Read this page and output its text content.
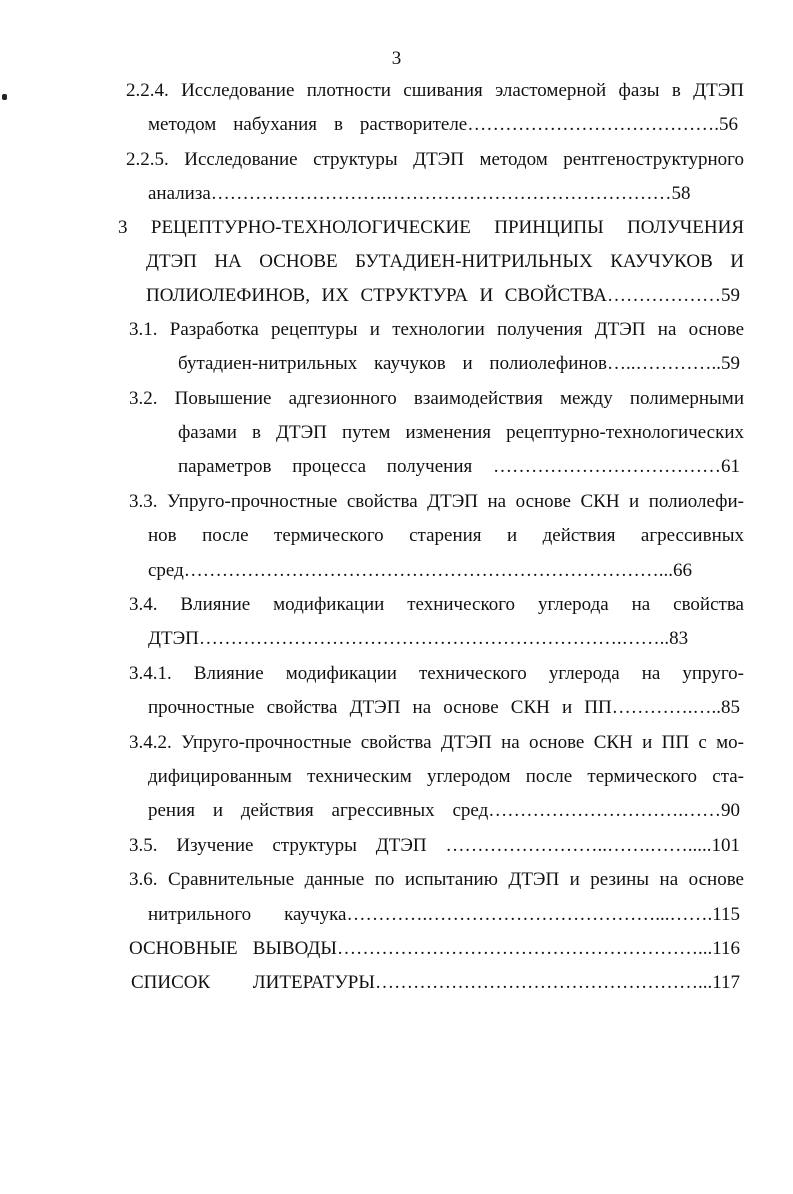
3
2.2.4. Исследование плотности сшивания эластомерной фазы в ДТЭП
методом набухания в растворителе………………………………….56
2.2.5. Исследование структуры ДТЭП методом рентгеноструктурного
анализа……………………….………………………………………58
3 РЕЦЕПТУРНО-ТЕХНОЛОГИЧЕСКИЕ ПРИНЦИПЫ ПОЛУЧЕНИЯ
ДТЭП НА ОСНОВЕ БУТАДИЕН-НИТРИЛЬНЫХ КАУЧУКОВ И
ПОЛИОЛЕФИНОВ, ИХ СТРУКТУРА И СВОЙСТВА………………59
3.1. Разработка рецептуры и технологии получения ДТЭП на основе
бутадиен-нитрильных каучуков и полиолефинов…..…………..59
3.2. Повышение адгезионного взаимодействия между полимерными
фазами в ДТЭП путем изменения рецептурно-технологических
параметров процесса получения ………………………………61
3.3. Упруго-прочностные свойства ДТЭП на основе СКН и полиолефи-
нов после термического старения и действия агрессивных
сред…………………………………………………………………...66
3.4. Влияние модификации технического углерода на свойства
ДТЭП………………………………………………………….……..83
3.4.1. Влияние модификации технического углерода на упруго-
прочностные свойства ДТЭП на основе СКН и ПП………….…..85
3.4.2. Упруго-прочностные свойства ДТЭП на основе СКН и ПП с мо-
дифицированным техническим углеродом после термического ста-
рения и действия агрессивных сред………………………….……90
3.5. Изучение структуры ДТЭП ……………………..…….…….....101
3.6. Сравнительные данные по испытанию ДТЭП и резины на основе
нитрильного каучука………….………………………………...…….115
ОСНОВНЫЕ ВЫВОДЫ…………………………………………………...116
СПИСОК ЛИТЕРАТУРЫ……………………………………………...117
